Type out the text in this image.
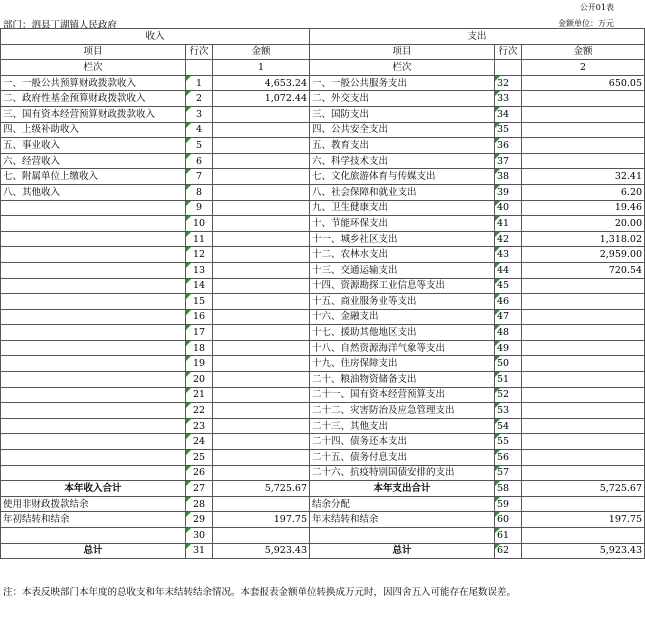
公开01表
部门：泗县丁湖镇人民政府	金额单位：万元
收入			支出		
项目	行次	金额	项目	行次	金额
栏次		1	栏次		2
一、一般公共预算财政拨款收入	1	4,653.24	一、一般公共服务支出	32	650.05
二、政府性基金预算财政拨款收入	2	1,072.44	二、外交支出	33	
三、国有资本经营预算财政拨款收入	3		三、国防支出	34	
四、上级补助收入	4		四、公共安全支出	35	
五、事业收入	5		五、教育支出	36	
六、经营收入	6		六、科学技术支出	37	
七、附属单位上缴收入	7		七、文化旅游体育与传媒支出	38	32.41
八、其他收入	8		八、社会保障和就业支出	39	6.20
	9		九、卫生健康支出	40	19.46
	10		十、节能环保支出	41	20.00
	11		十一、城乡社区支出	42	1,318.02
	12		十二、农林水支出	43	2,959.00
	13		十三、交通运输支出	44	720.54
	14		十四、资源勘探工业信息等支出	45	
	15		十五、商业服务业等支出	46	
	16		十六、金融支出	47	
	17		十七、援助其他地区支出	48	
	18		十八、自然资源海洋气象等支出	49	
	19		十九、住房保障支出	50	
	20		二十、粮油物资储备支出	51	
	21		二十一、国有资本经营预算支出	52	
	22		二十二、灾害防治及应急管理支出	53	
	23		二十三、其他支出	54	
	24		二十四、债务还本支出	55	
	25		二十五、债务付息支出	56	
	26		二十六、抗疫特别国债安排的支出	57	
本年收入合计	27	5,725.67	本年支出合计	58	5,725.67
使用非财政拨款结余	28		结余分配	59	
年初结转和结余	29	197.75	年末结转和结余	60	197.75
	30			61	
总计	31	5,923.43	总计	62	5,923.43
注：本表反映部门本年度的总收支和年末结转结余情况。本套报表金额单位转换成万元时，因四舍五入可能存在尾数误差。
